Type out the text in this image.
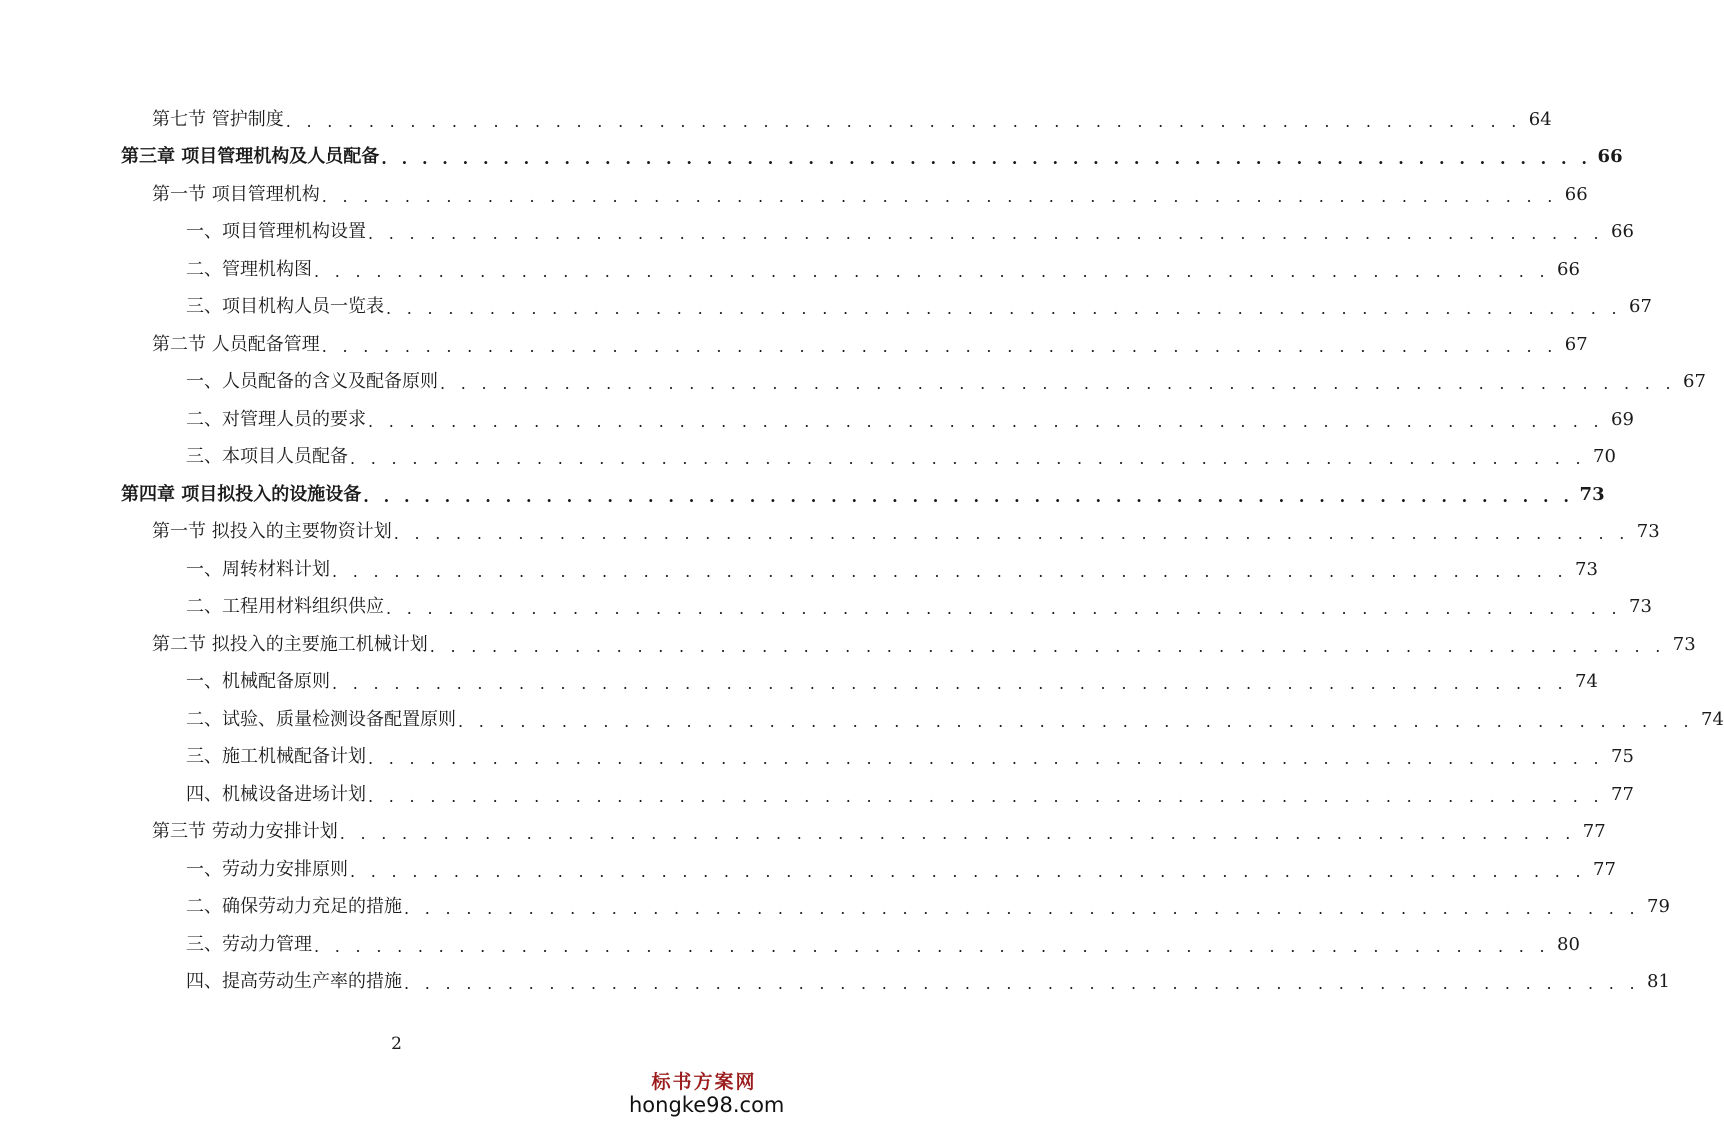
第七节 管护制度 . . . . . . . . . . . . . . . . . . . . . . . . . . . . . . . . . . . . . . . . . . . . . . . . . . . . . . . . . . . . 64
第三章 项目管理机构及人员配备 . . . . . . . . . . . . . . . . . . . . . . . . . . . . . . . . . . . . . . . . . . . . . . . . . . . . . . . . . . . . 66
第一节 项目管理机构 . . . . . . . . . . . . . . . . . . . . . . . . . . . . . . . . . . . . . . . . . . . . . . . . . . . . . . . . . . . . 66
一、项目管理机构设置 . . . . . . . . . . . . . . . . . . . . . . . . . . . . . . . . . . . . . . . . . . . . . . . . . . . . . . . . . . . . 66
二、管理机构图 . . . . . . . . . . . . . . . . . . . . . . . . . . . . . . . . . . . . . . . . . . . . . . . . . . . . . . . . . . . . 66
三、项目机构人员一览表 . . . . . . . . . . . . . . . . . . . . . . . . . . . . . . . . . . . . . . . . . . . . . . . . . . . . . . . . . . . . 67
第二节 人员配备管理 . . . . . . . . . . . . . . . . . . . . . . . . . . . . . . . . . . . . . . . . . . . . . . . . . . . . . . . . . . . . 67
一、人员配备的含义及配备原则 . . . . . . . . . . . . . . . . . . . . . . . . . . . . . . . . . . . . . . . . . . . . . . . . . . . . . . . . . . . . 67
二、对管理人员的要求 . . . . . . . . . . . . . . . . . . . . . . . . . . . . . . . . . . . . . . . . . . . . . . . . . . . . . . . . . . . . 69
三、本项目人员配备 . . . . . . . . . . . . . . . . . . . . . . . . . . . . . . . . . . . . . . . . . . . . . . . . . . . . . . . . . . . . 70
第四章 项目拟投入的设施设备 . . . . . . . . . . . . . . . . . . . . . . . . . . . . . . . . . . . . . . . . . . . . . . . . . . . . . . . . . . . . 73
第一节 拟投入的主要物资计划 . . . . . . . . . . . . . . . . . . . . . . . . . . . . . . . . . . . . . . . . . . . . . . . . . . . . . . . . . . . . 73
一、周转材料计划 . . . . . . . . . . . . . . . . . . . . . . . . . . . . . . . . . . . . . . . . . . . . . . . . . . . . . . . . . . . . 73
二、工程用材料组织供应 . . . . . . . . . . . . . . . . . . . . . . . . . . . . . . . . . . . . . . . . . . . . . . . . . . . . . . . . . . . . 73
第二节 拟投入的主要施工机械计划 . . . . . . . . . . . . . . . . . . . . . . . . . . . . . . . . . . . . . . . . . . . . . . . . . . . . . . . . . . . . 73
一、机械配备原则 . . . . . . . . . . . . . . . . . . . . . . . . . . . . . . . . . . . . . . . . . . . . . . . . . . . . . . . . . . . . 74
二、试验、质量检测设备配置原则 . . . . . . . . . . . . . . . . . . . . . . . . . . . . . . . . . . . . . . . . . . . . . . . . . . . . . . . . . . . . 74
三、施工机械配备计划 . . . . . . . . . . . . . . . . . . . . . . . . . . . . . . . . . . . . . . . . . . . . . . . . . . . . . . . . . . . . 75
四、机械设备进场计划 . . . . . . . . . . . . . . . . . . . . . . . . . . . . . . . . . . . . . . . . . . . . . . . . . . . . . . . . . . . . 77
第三节 劳动力安排计划 . . . . . . . . . . . . . . . . . . . . . . . . . . . . . . . . . . . . . . . . . . . . . . . . . . . . . . . . . . . . 77
一、劳动力安排原则 . . . . . . . . . . . . . . . . . . . . . . . . . . . . . . . . . . . . . . . . . . . . . . . . . . . . . . . . . . . . 77
二、确保劳动力充足的措施 . . . . . . . . . . . . . . . . . . . . . . . . . . . . . . . . . . . . . . . . . . . . . . . . . . . . . . . . . . . . 79
三、劳动力管理 . . . . . . . . . . . . . . . . . . . . . . . . . . . . . . . . . . . . . . . . . . . . . . . . . . . . . . . . . . . . 80
四、提高劳动生产率的措施 . . . . . . . . . . . . . . . . . . . . . . . . . . . . . . . . . . . . . . . . . . . . . . . . . . . . . . . . . . . . 81
2
标书方案网
hongke98.com
